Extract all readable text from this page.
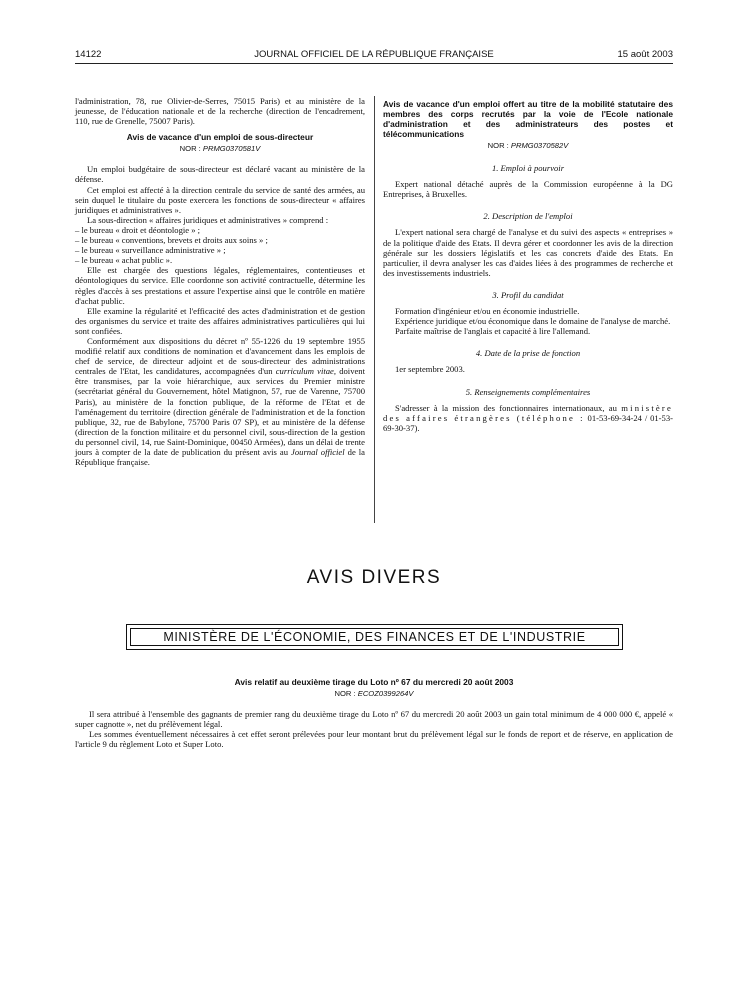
14122	JOURNAL OFFICIEL DE LA RÉPUBLIQUE FRANÇAISE	15 août 2003

l'administration, 78, rue Olivier-de-Serres, 75015 Paris) et au ministère de la jeunesse, de l'éducation nationale et de la recherche (direction de l'encadrement, 110, rue de Grenelle, 75007 Paris).

Avis de vacance d'un emploi de sous-directeur
NOR : PRMG0370581V

Un emploi budgétaire de sous-directeur est déclaré vacant au ministère de la défense.

Cet emploi est affecté à la direction centrale du service de santé des armées, au sein duquel le titulaire du poste exercera les fonctions de sous-directeur « affaires juridiques et administratives ».

La sous-direction « affaires juridiques et administratives » comprend :

– le bureau « droit et déontologie » ;

– le bureau « conventions, brevets et droits aux soins » ;

– le bureau « surveillance administrative » ;

– le bureau « achat public ».

Elle est chargée des questions légales, réglementaires, contentieuses et déontologiques du service. Elle coordonne son activité contractuelle, détermine les règles d'accès à ses prestations et assure l'expertise ainsi que le contrôle en matière d'achat public.

Elle examine la régularité et l'efficacité des actes d'administration et de gestion des organismes du service et traite des affaires administratives particulières qui lui sont confiées.

Conformément aux dispositions du décret nº 55-1226 du 19 septembre 1955 modifié relatif aux conditions de nomination et d'avancement dans les emplois de chef de service, de directeur adjoint et de sous-directeur des administrations centrales de l'Etat, les candidatures, accompagnées d'un curriculum vitae, doivent être transmises, par la voie hiérarchique, aux services du Premier ministre (secrétariat général du Gouvernement, hôtel Matignon, 57, rue de Varenne, 75700 Paris), au ministère de la fonction publique, de la réforme de l'Etat et de l'aménagement du territoire (direction générale de l'administration et de la fonction publique, 32, rue de Babylone, 75700 Paris 07 SP), et au ministère de la défense (direction de la fonction militaire et du personnel civil, sous-direction de la gestion du personnel civil, 14, rue Saint-Dominique, 00450 Armées), dans un délai de trente jours à compter de la date de publication du présent avis au Journal officiel de la République française.

Avis de vacance d'un emploi offert au titre de la mobilité statutaire des membres des corps recrutés par la voie de l'Ecole nationale d'administration et des administrateurs des postes et télécommunications
NOR : PRMG0370582V
1. Emploi à pourvoir

Expert national détaché auprès de la Commission européenne à la DG Entreprises, à Bruxelles.

2. Description de l'emploi

L'expert national sera chargé de l'analyse et du suivi des aspects « entreprises » de la politique d'aide des Etats. Il devra gérer et coordonner les avis de la direction générale sur les dossiers législatifs et les cas concrets d'aide des Etats. En particulier, il devra analyser les cas d'aides liées à des programmes de recherche et des investissements industriels.

3. Profil du candidat

Formation d'ingénieur et/ou en économie industrielle.

Expérience juridique et/ou économique dans le domaine de l'analyse de marché.

Parfaite maîtrise de l'anglais et capacité à lire l'allemand.

4. Date de la prise de fonction

1er septembre 2003.

5. Renseignements complémentaires

S'adresser à la mission des fonctionnaires internationaux, au ministère des affaires étrangères (téléphone : 01-53-69-34-24 / 01-53-69-30-37).

AVIS DIVERS
MINISTÈRE DE L'ÉCONOMIE, DES FINANCES ET DE L'INDUSTRIE
Avis relatif au deuxième tirage du Loto nº 67 du mercredi 20 août 2003
NOR : ECOZ0399264V

Il sera attribué à l'ensemble des gagnants de premier rang du deuxième tirage du Loto nº 67 du mercredi 20 août 2003 un gain total minimum de 4 000 000 €, appelé « super cagnotte », net du prélèvement légal.

Les sommes éventuellement nécessaires à cet effet seront prélevées pour leur montant brut du prélèvement légal sur le fonds de report et de réserve, en application de l'article 9 du règlement Loto et Super Loto.
